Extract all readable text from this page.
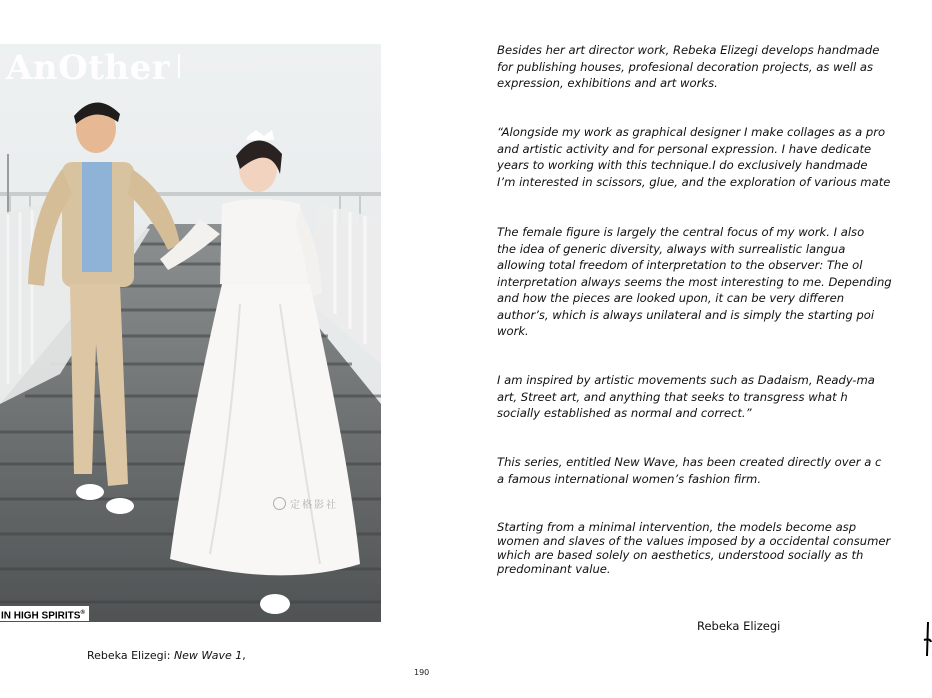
AnOther
定格影社
IN HIGH SPIRITS®
Rebeka Elizegi: New Wave 1,
190

Besides her art director work, Rebeka Elizegi develops handmade
for publishing houses, profesional decoration projects, as well as
expression, exhibitions and art works.

“Alongside my work as graphical designer I make collages as a pro
and artistic activity and for personal expression. I have dedicate
years to working with this technique.I do exclusively handmade
I’m interested in scissors, glue, and the exploration of various mate

The female figure is largely the central focus of my work. I also
the idea of generic diversity, always with surrealistic langua
allowing total freedom of interpretation to the observer: The ol
interpretation always seems the most interesting to me. Depending
and how the pieces are looked upon, it can be very differen
author’s, which is always unilateral and is simply the starting poi
work.

I am inspired by artistic movements such as Dadaism, Ready-ma
art, Street art, and anything that seeks to transgress what h
socially established as normal and correct.”

This series, entitled New Wave, has been created directly over a c
a famous international women’s fashion firm.

Starting from a minimal intervention, the models become asp
women and slaves of the values imposed by a occidental consumer
which are based solely on aesthetics, understood socially as th
predominant value.

Rebeka Elizegi
